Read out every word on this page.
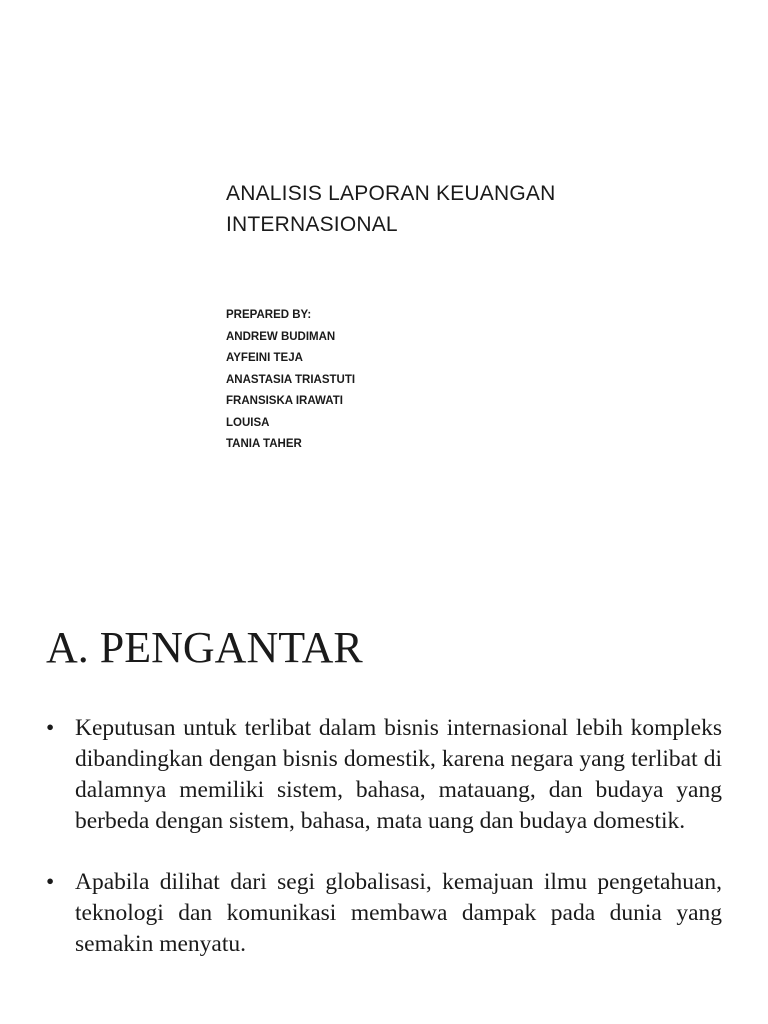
ANALISIS LAPORAN KEUANGAN
INTERNASIONAL
PREPARED BY:
ANDREW BUDIMAN
AYFEINI TEJA
ANASTASIA TRIASTUTI
FRANSISKA IRAWATI
LOUISA
TANIA TAHER
A. PENGANTAR
• Keputusan untuk terlibat dalam bisnis internasional lebih kompleks dibandingkan dengan bisnis domestik, karena negara yang terlibat di dalamnya memiliki sistem, bahasa, matauang, dan budaya yang berbeda dengan sistem, bahasa, mata uang dan budaya domestik.
• Apabila dilihat dari segi globalisasi, kemajuan ilmu pengetahuan, teknologi dan komunikasi membawa dampak pada dunia yang semakin menyatu.
